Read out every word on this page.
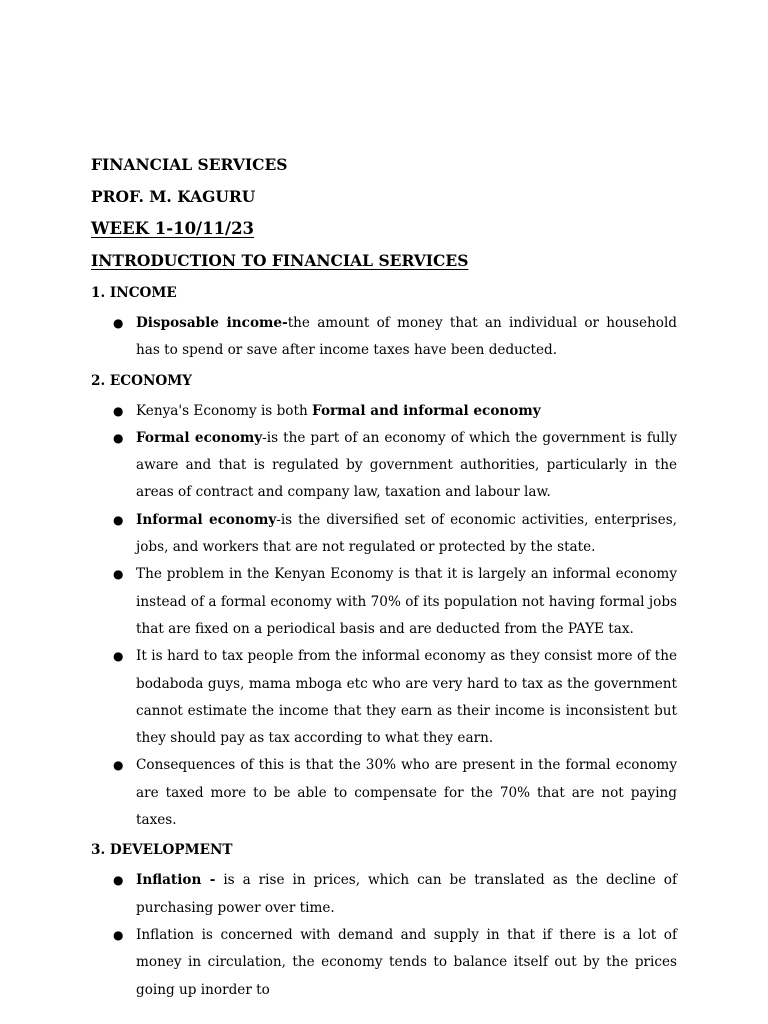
FINANCIAL SERVICES
PROF. M. KAGURU
WEEK 1-10/11/23
INTRODUCTION TO FINANCIAL SERVICES
1. INCOME
● Disposable income-the amount of money that an individual or household has to spend or save after income taxes have been deducted.
2. ECONOMY
● Kenya's Economy is both Formal and informal economy
● Formal economy-is the part of an economy of which the government is fully aware and that is regulated by government authorities, particularly in the areas of contract and company law, taxation and labour law.
● Informal economy-is the diversified set of economic activities, enterprises, jobs, and workers that are not regulated or protected by the state.
● The problem in the Kenyan Economy is that it is largely an informal economy instead of a formal economy with 70% of its population not having formal jobs that are fixed on a periodical basis and are deducted from the PAYE tax.
● It is hard to tax people from the informal economy as they consist more of the bodaboda guys, mama mboga etc who are very hard to tax as the government cannot estimate the income that they earn as their income is inconsistent but they should pay as tax according to what they earn.
● Consequences of this is that the 30% who are present in the formal economy are taxed more to be able to compensate for the 70% that are not paying taxes.
3. DEVELOPMENT
● Inflation - is a rise in prices, which can be translated as the decline of purchasing power over time.
● Inflation is concerned with demand and supply in that if there is a lot of money in circulation, the economy tends to balance itself out by the prices going up inorder to
